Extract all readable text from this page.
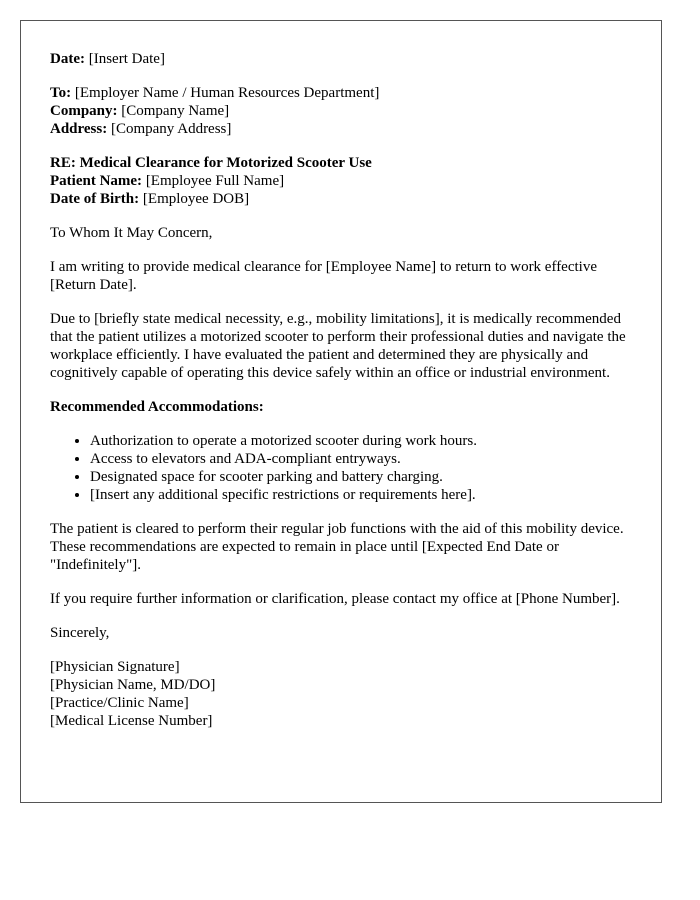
Date: [Insert Date]

To: [Employer Name / Human Resources Department]
Company: [Company Name]
Address: [Company Address]

RE: Medical Clearance for Motorized Scooter Use
Patient Name: [Employee Full Name]
Date of Birth: [Employee DOB]

To Whom It May Concern,

I am writing to provide medical clearance for [Employee Name] to return to work effective [Return Date].

Due to [briefly state medical necessity, e.g., mobility limitations], it is medically recommended that the patient utilizes a motorized scooter to perform their professional duties and navigate the workplace efficiently. I have evaluated the patient and determined they are physically and cognitively capable of operating this device safely within an office or industrial environment.

Recommended Accommodations:

• Authorization to operate a motorized scooter during work hours.
• Access to elevators and ADA-compliant entryways.
• Designated space for scooter parking and battery charging.
• [Insert any additional specific restrictions or requirements here].

The patient is cleared to perform their regular job functions with the aid of this mobility device. These recommendations are expected to remain in place until [Expected End Date or "Indefinitely"].

If you require further information or clarification, please contact my office at [Phone Number].

Sincerely,

[Physician Signature]
[Physician Name, MD/DO]
[Practice/Clinic Name]
[Medical License Number]
